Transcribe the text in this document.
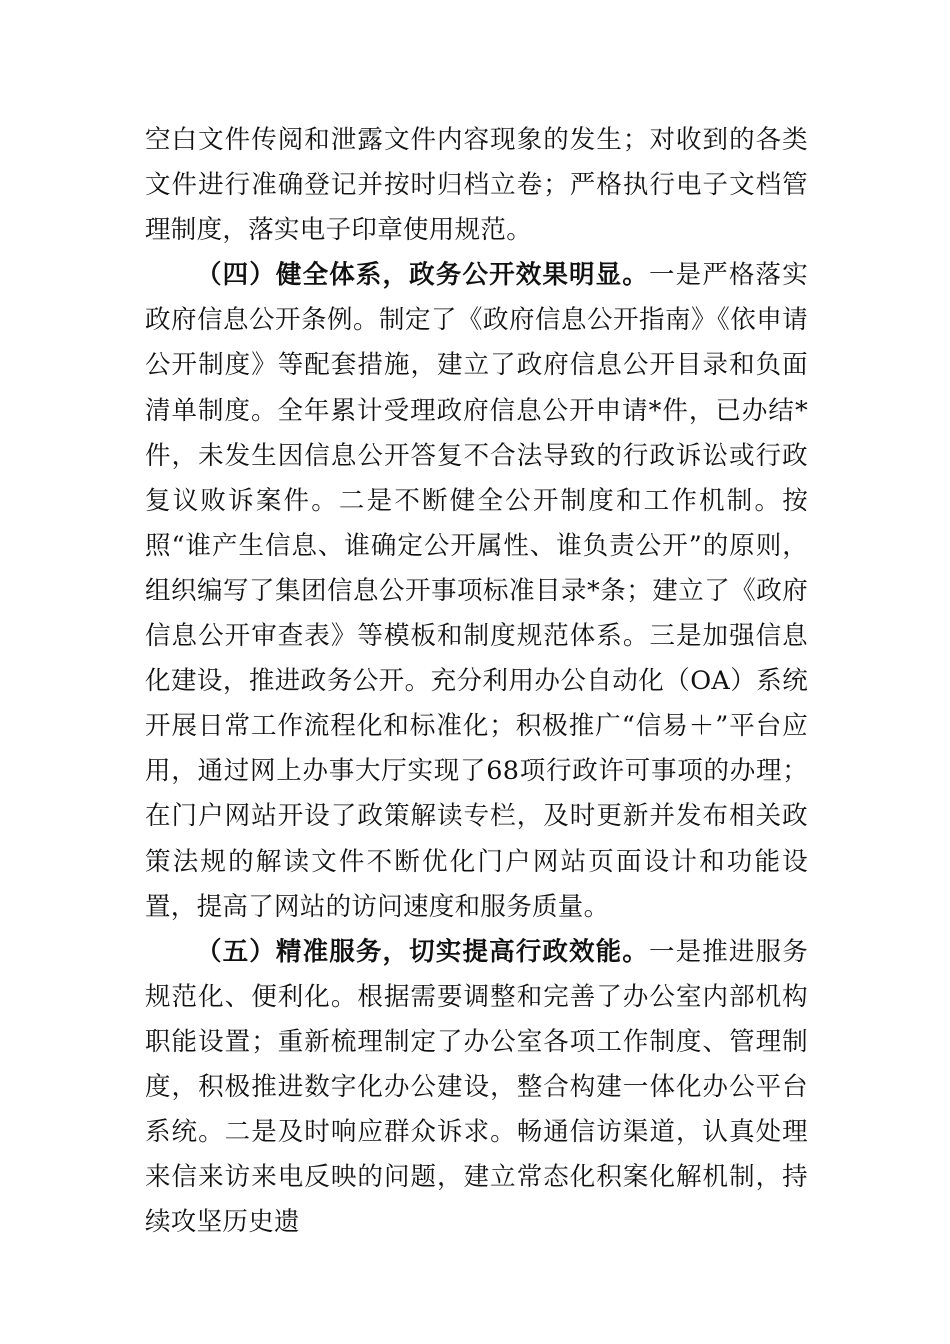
空白文件传阅和泄露文件内容现象的发生；对收到的各类文件进行准确登记并按时归档立卷；严格执行电子文档管理制度，落实电子印章使用规范。

（四）健全体系，政务公开效果明显。一是严格落实政府信息公开条例。制定了《政府信息公开指南》《依申请公开制度》等配套措施，建立了政府信息公开目录和负面清单制度。全年累计受理政府信息公开申请*件，已办结*件，未发生因信息公开答复不合法导致的行政诉讼或行政复议败诉案件。二是不断健全公开制度和工作机制。按照“谁产生信息、谁确定公开属性、谁负责公开”的原则，组织编写了集团信息公开事项标准目录*条；建立了《政府信息公开审查表》等模板和制度规范体系。三是加强信息化建设，推进政务公开。充分利用办公自动化（OA）系统开展日常工作流程化和标准化；积极推广“信易＋”平台应用，通过网上办事大厅实现了68项行政许可事项的办理；在门户网站开设了政策解读专栏，及时更新并发布相关政策法规的解读文件不断优化门户网站页面设计和功能设置，提高了网站的访问速度和服务质量。

（五）精准服务，切实提高行政效能。一是推进服务规范化、便利化。根据需要调整和完善了办公室内部机构职能设置；重新梳理制定了办公室各项工作制度、管理制度，积极推进数字化办公建设，整合构建一体化办公平台系统。二是及时响应群众诉求。畅通信访渠道，认真处理来信来访来电反映的问题，建立常态化积案化解机制，持续攻坚历史遗
